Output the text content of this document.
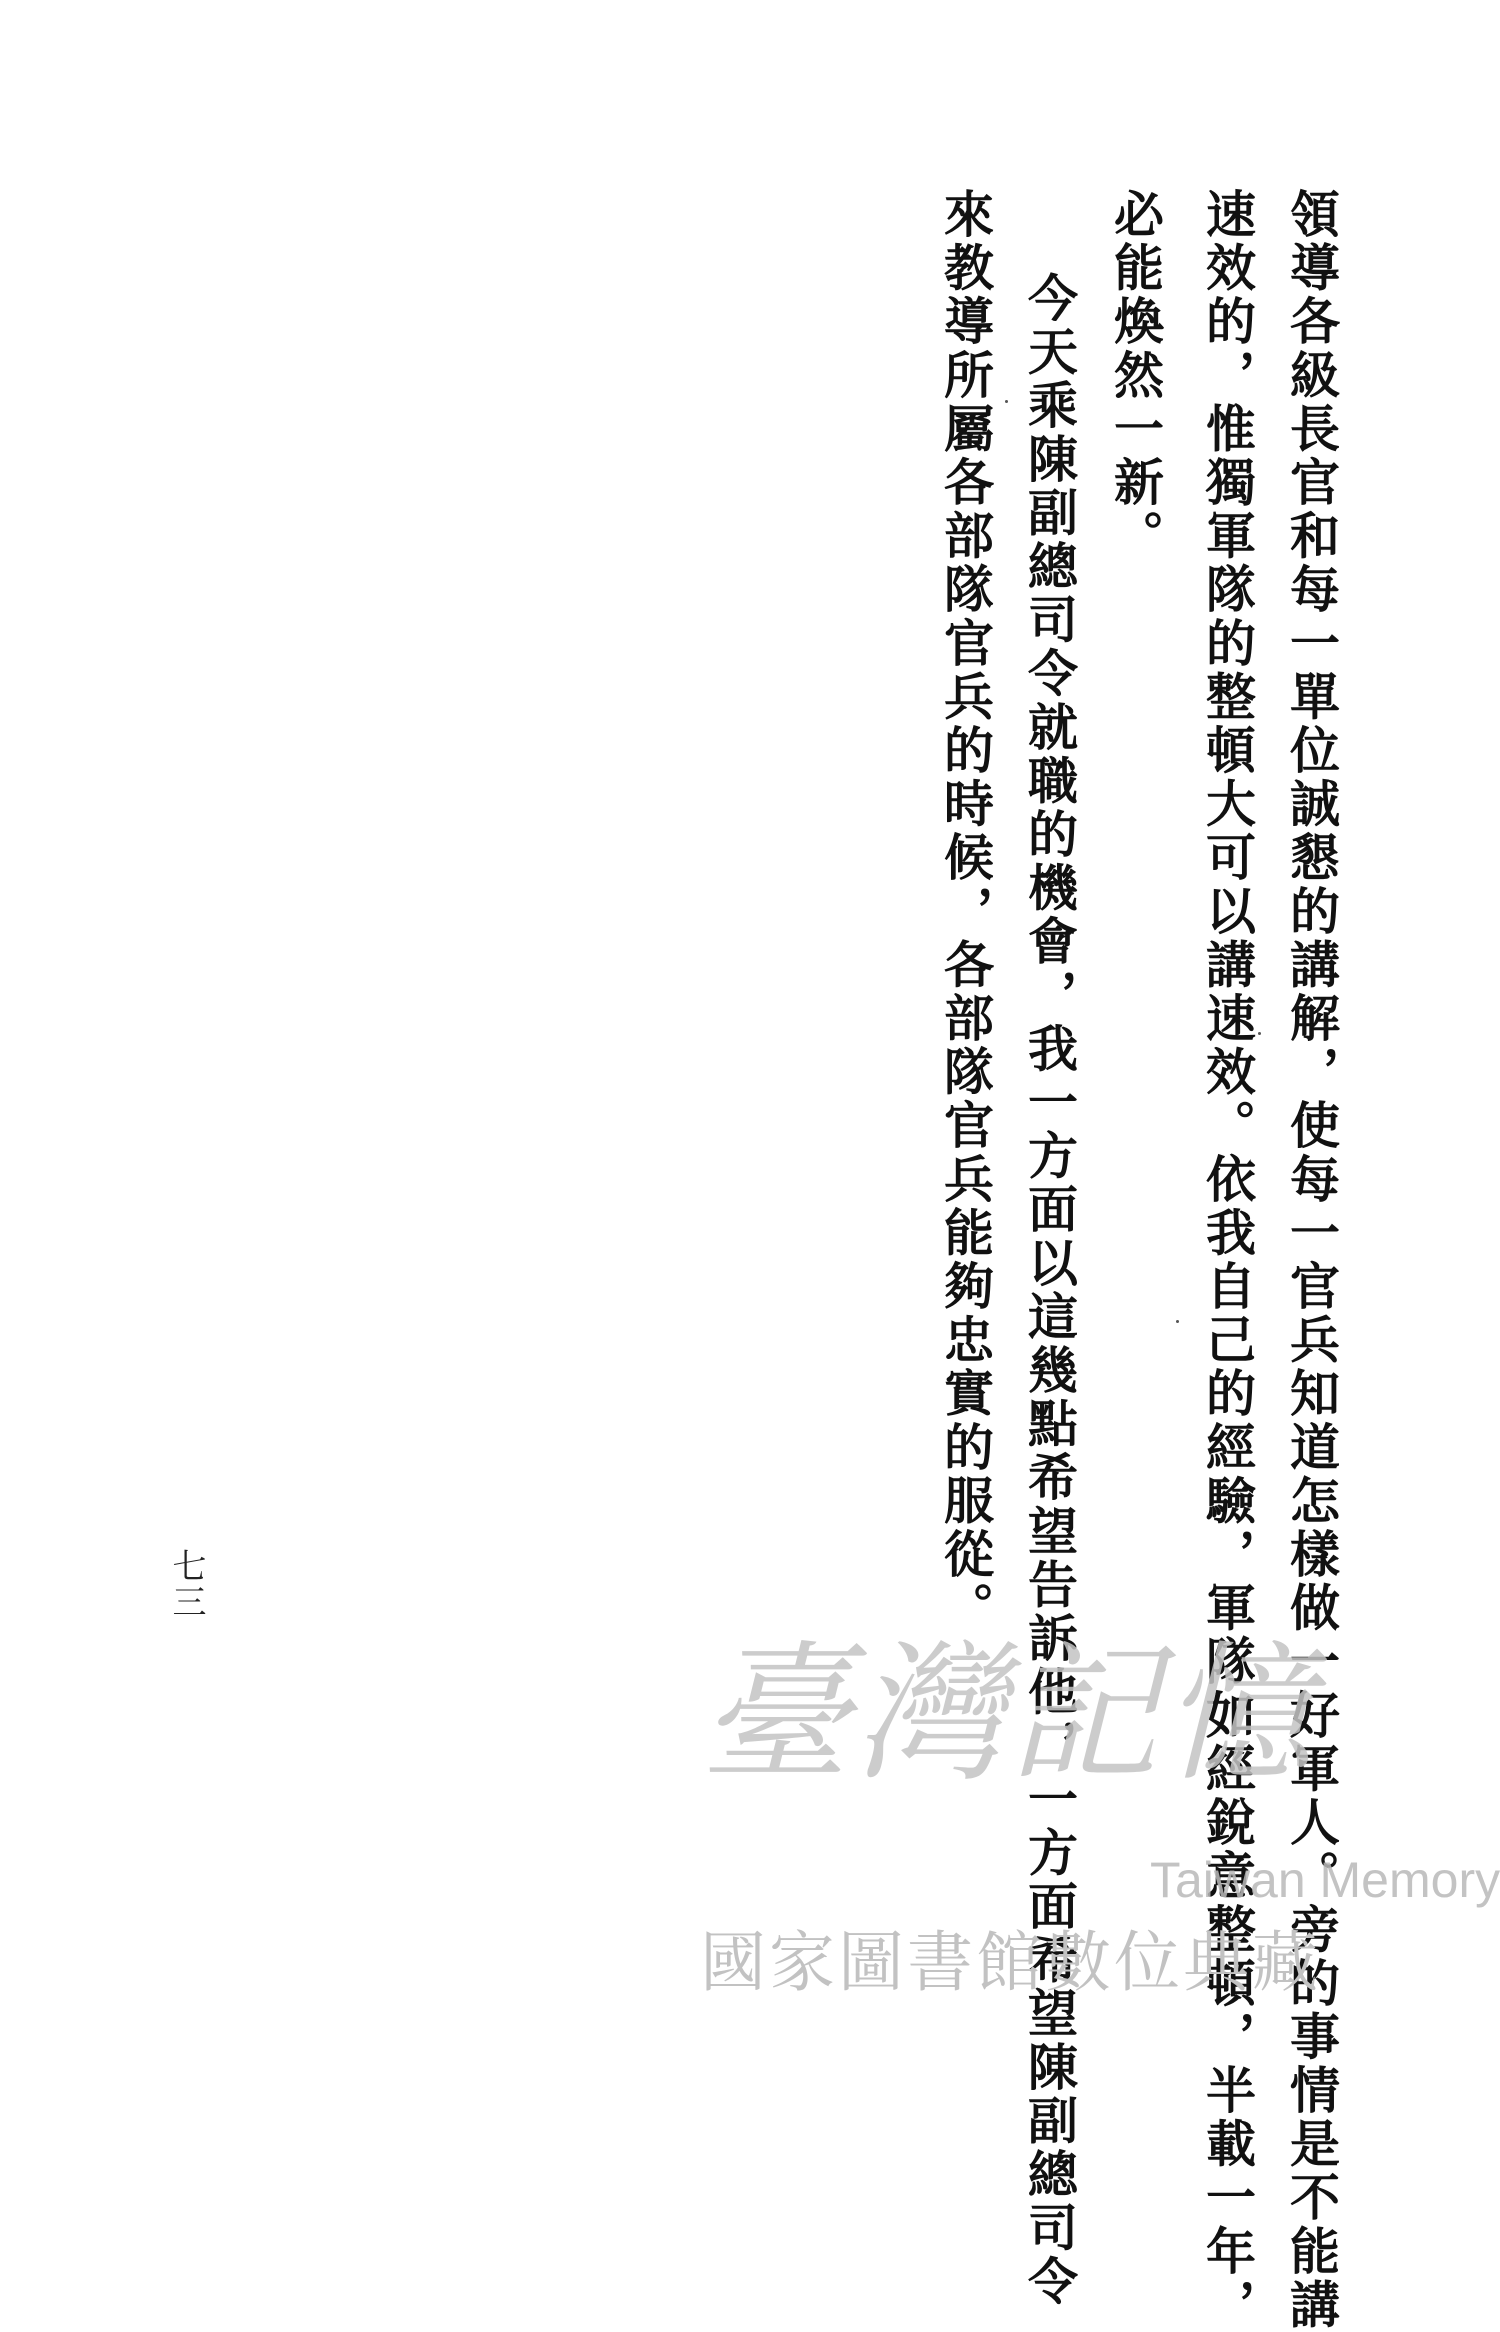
領導各級長官和每一單位誠懇的講解，使每一官兵知道怎樣做一好軍人。旁的事情是不能講
速效的，惟獨軍隊的整頓大可以講速效。依我自己的經驗，軍隊如經銳意整頓，半載一年，
必能煥然一新。
今天乘陳副總司令就職的機會，我一方面以這幾點希望告訴他，一方面希望陳副總司令
來教導所屬各部隊官兵的時候，各部隊官兵能夠忠實的服從。
七三
臺灣記憶
Taiwan Memory
國家圖書館數位典藏
